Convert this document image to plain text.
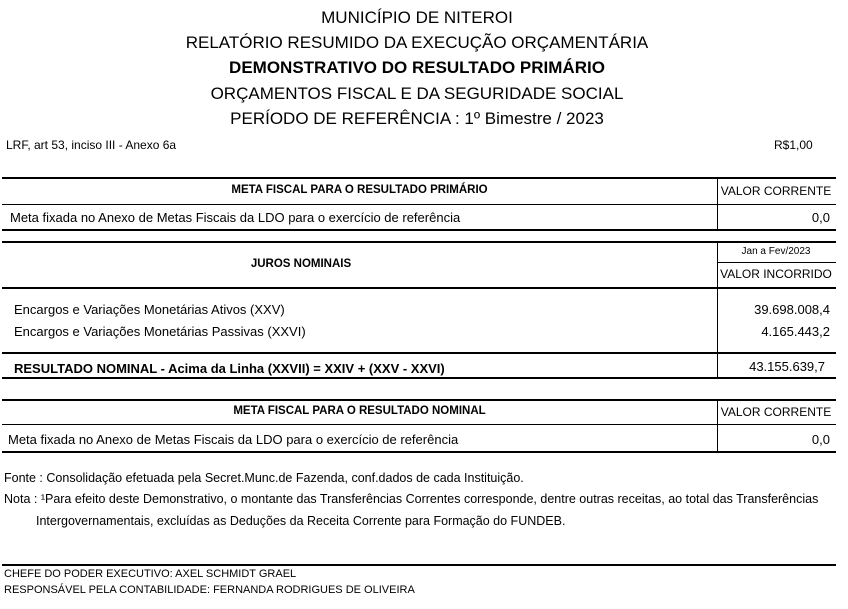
MUNICÍPIO DE NITEROI
RELATÓRIO RESUMIDO DA EXECUÇÃO ORÇAMENTÁRIA
DEMONSTRATIVO DO RESULTADO PRIMÁRIO
ORÇAMENTOS FISCAL E DA SEGURIDADE SOCIAL
PERÍODO DE REFERÊNCIA : 1º Bimestre / 2023
LRF, art 53, inciso III - Anexo 6a	R$1,00
META FISCAL PARA O RESULTADO PRIMÁRIO	VALOR CORRENTE
Meta fixada no Anexo de Metas Fiscais da LDO para o exercício de referência	0,0
JUROS NOMINAIS
Jan a Fev/2023
VALOR INCORRIDO
Encargos e Variações Monetárias Ativos (XXV)	39.698.008,4
Encargos e Variações Monetárias Passivas (XXVI)	4.165.443,2
RESULTADO NOMINAL - Acima da Linha (XXVII) = XXIV + (XXV - XXVI)	43.155.639,7
META FISCAL PARA O RESULTADO NOMINAL	VALOR CORRENTE
Meta fixada no Anexo de Metas Fiscais da LDO para o exercício de referência	0,0
Fonte : Consolidação efetuada pela Secret.Munc.de Fazenda, conf.dados de cada Instituição.
Nota : ¹Para efeito deste Demonstrativo, o montante das Transferências Correntes corresponde, dentre outras receitas, ao total das Transferências
Intergovernamentais, excluídas as Deduções da Receita Corrente para Formação do FUNDEB.
CHEFE DO PODER EXECUTIVO: AXEL SCHMIDT GRAEL
RESPONSÁVEL PELA CONTABILIDADE: FERNANDA RODRIGUES DE OLIVEIRA
